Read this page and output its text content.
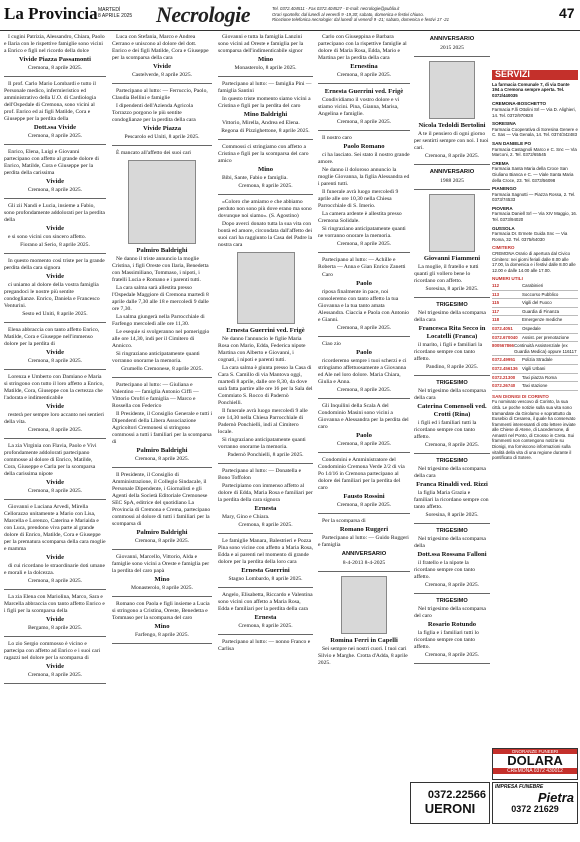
La Provincia MARTEDÌ
8 APRILE 2025 Necrologie	Tel. 0372.404511 - Fax 0372.404527 - E-mail: necrologie@publia.it
Orari sportello: dal lunedì al venerdì 9 -19,30; sabato, domenica e festivi chiuso.
Ricezione telefonica necrologie: dal lunedì al venerdì 9 -21; sabato, domenica e festivi 17 -21	47

I cugini Patrizia, Alessandro, Chiara, Paolo e Ilaria con le rispettive famiglie sono vicini a Enrico e figli nel ricordo della dolce

Vivide Piazza Passamonti
Cremona, 8 aprile 2025.

Il prof. Carlo Mario Lombardi e tutto il Personale medico, infermieristico ed amministrativo della U.O. di Cardiologia dell'Ospedale di Cremona, sono vicini al prof. Enrico ed ai figli Matilde, Cora e Giuseppe per la perdita della

Dott.ssa Vivide
Cremona, 8 aprile 2025.

Enrico, Elena, Luigi e Giovanni partecipano con affetto al grande dolore di Enrico, Matilde, Cora e Giuseppe per la perdita della carissima

Vivide
Cremona, 8 aprile 2025.

Gli zii Nandi e Lucia, insieme a Fabio, sono profondamente addolorati per la perdita della

Vivide

e si sono vicini con sincero affetto.

Fiorano al Serio, 8 aprile 2025.

In questo momento così triste per la grande perdita della cara signora

Vivide

ci uniamo al dolore della vostra famiglia pregandoci le nostre più sentite condoglianze. Enrico, Daniela e Francesco Venturini.

Sesto ed Uniti, 8 aprile 2025.

Elena abbraccia con tanto affetto Enrico, Matilde, Cora e Giuseppe nell'immenso dolore per la perdita di

Vivide
Cremona, 8 aprile 2025.

Lorenza e Umberto con Damiano e Maria si stringono con tutto il loro affetto a Enrico, Matilde, Cora, Giuseppe con la certezza che l'adorata e indimenticabile

Vivide

resterà per sempre loro accanto nei sentieri della vita.

Cremona, 8 aprile 2025.

La zia Virginia con Flavia, Paolo e Vivi profondamente addolorati partecipano commosse al dolore di Enrico, Matilde, Cora, Giuseppe e Carla per la scomparsa della carissima nipote

Vivide
Cremona, 8 aprile 2025.

Giovanni e Luciana Arvedi, Mirella Cellorazzo unitamente a Mario con Lisa, Marcella e Lorenzo, Caterina e Mariaida e con Luca, prendono viva parte al grande dolore di Enrico, Matilde, Cora e Giuseppe per la prematura scomparsa della cara moglie e mamma

Vivide

di cui ricordano le straordinarie doti umane e morali e la dolcezza.

Cremona, 8 aprile 2025.

La zia Elena con Mariolina, Marco, Sara e Marcella abbraccia con tanto affetto Enrico e i figli per la scomparsa della

Vivide
Bergamo, 8 aprile 2025.

Lo zio Sergio commosso è vicino e partecipa con affetto ad Enrico e i suoi cari ragazzi nel dolore per la scomparsa di

Vivide
Cremona, 8 aprile 2025.

Luca con Stefania, Marco e Andrea Cerrano e uniscono al dolore del dott. Enrico e dei figli Matilde, Cora e Giuseppe per la scomparsa della cara

Vivide
Castelverde, 8 aprile 2025.

Partecipano al lutto: — Ferruccio, Paolo, Claudia Bellini e famiglie

I dipendenti dell'Azienda Agricola Torrazzo porgono le più sentite condoglianze per la perdita della cara

Vivide Piazza
Pescarolo ed Uniti, 8 aprile 2025.

È mancato all'affetto dei suoi cari

Palmiro Baldrighi

Ne danno il triste annuncio la moglie Cristina, i figli Oreste con Ilaria, Benedetta con Massimiliano, Tommaso, i nipoti, i fratelli Lucia e Romano e i parenti tutti.

La cara salma sarà allestita presso l'Ospedale Maggiore di Cremona martedì 8 aprile dalle 7,30 alle 18 e mercoledì 9 dalle ore 7,30.

La salma giungerà nella Parrocchiale di Farfengo mercoledì alle ore 11,30.

Le esequie si svolgeranno nel pomeriggio alle ore 14,30, indi per il Cimitero di Annicco.

Si ringraziano anticipatamente quanti vorranno onorarne la memoria.

Grumello Cremonese, 8 aprile 2025.

Partecipano al lutto: — Giuliana e Valentino — famiglia Antonio Ciffi — Vittorio Orofri e famiglia — Marco e Rossella con Federico

Il Presidente, il Consiglio Generale e tutti i Dipendenti della Libera Associazione Agricoltori Cremonesi si stringono commossi a tutti i familiari per la scomparsa di

Palmiro Baldrighi
Cremona, 8 aprile 2025.

Il Presidente, il Consiglio di Amministrazione, il Collegio Sindacale, il Personale Dipendente, i Giornalisti e gli Agenti della Società Editoriale Cremonese SEC SpA, editrice del quotidiano La Provincia di Cremona e Crema, partecipano commossi al dolore di tutti i familiari per la scomparsa di

Palmiro Baldrighi
Cremona, 8 aprile 2025.

Giovanni, Marcello, Vittorio, Alda e famiglie sono vicini a Oreste e famiglia per la perdita del caro papà

Mino
Monasterolo, 8 aprile 2025.

Romano con Paola e figli insieme a Lucia si stringono a Cristina, Oreste, Benedetta e Tommaso per la scomparsa del caro

Mino
Farfengo, 8 aprile 2025.

Giovanni e tutta la famiglia Lanzini sono vicini ad Oreste e famiglia per la scomparsa dell'indimenticabile signor

Mino
Monasterolo, 8 aprile 2025.

Partecipano al lutto: — famiglia Pini — famiglia Santini

In questo triste momento siamo vicini a Cristina e figli per la perdita del caro

Mino Baldrighi

Vittorio, Mirella, Andrea ed Elena.

Regona di Pizzighettone, 8 aprile 2025.

Commossi ci stringiamo con affetto a Cristina e figli per la scomparsa del caro amico

Mino

Bibi, Sante, Fabio e famiglia.

Cremona, 8 aprile 2025.

«Coloro che amiamo e che abbiamo perduto non sono più dove erano ma sono dovunque noi siamo». (S. Agostino)

Dopo averci donato tutta la sua vita con bontà ed amore, circondata dall'affetto dei suoi cari ha raggiunto la Casa del Padre la nostra cara

Ernesta Guerrini ved. Frigè

Ne danno l'annuncio le figlie Maria Rosa con Mario, Edda, Federica nipote Martina con Alberto e Giovanni, i cognati, i nipoti e parenti tutti.

La cara salma è giunta presso la Casa di Cara S. Camillo di via Mantova oggi, martedì 8 aprile, dalle ore 8,30, da dove sarà fatta partire alle ore 16 per la Sala del Commiato S. Rocco di Padernò Ponchielli.

Il funerale avrà luogo mercoledì 9 alle ore 14,30 nella Chiesa Parrocchiale di Padernò Ponchielli, indi al Cimitero locale.

Si ringraziano anticipatamente quanti vorranno onorarne la memoria.

Padernò Ponchielli, 8 aprile 2025.

Partecipano al lutto: — Donatella e Bono Toffolon

Partecipiamo con immenso affetto al dolore di Edda, Maria Rosa e familiari per la perdita della cara signora

Ernesta

Mary, Gino e Chiara.

Cremona, 8 aprile 2025.

Le famiglie Manara, Balestrieri e Pozza Pina sono vicine con affetto a Maria Rosa, Edda e ai parenti nel momento di grande dolore per la perdita della loro cara

Ernesta Guerrini
Stagno Lombardo, 8 aprile 2025.

Angelo, Elisabetta, Riccardo e Valentina sono vicini con affetto a Maria Rosa, Edda e familiari per la perdita della cara

Ernesta
Cremona, 8 aprile 2025.

Partecipano al lutto: — nonno Franco e Carlisa

Carlo con Giuseppina e Barbara partecipano con la rispettive famiglie al dolore di Maria Rosa, Edda, Mario e Martina per la perdita della cara

Ernestina
Cremona, 8 aprile 2025.
Ernesta Guerrini ved. Frigè

Condividiamo il vostro dolore e vi stiamo vicini. Pina, Gianna, Marisa, Angelina e famiglie.

Cremona, 8 aprile 2025.

Il nostro caro

Paolo Romano

ci ha lasciato. Sei stato il nostro grande amore.

Ne danno il doloroso annuncio la moglie Giovanna, la figlia Alessandra ed i parenti tutti.

Il funerale avrà luogo mercoledì 9 aprile alle ore 10,30 nella Chiesa Parrocchiale di S. Imerio.

La camera ardente è allestita presso Cremona Solidale.

Si ringraziano anticipatamente quanti ne vorranno onorare la memoria.

Cremona, 8 aprile 2025.

Partecipano al lutto: — Achille e Roberta — Anna e Gian Enrico Zanetti

Caro

Paolo

riposa finalmente in pace, noi consoleremo con tanto affetto la tua Giovanna e la tua tanto amata Alessandra. Ciaccia e Paola con Antonio e Gianni.

Cremona, 8 aprile 2025.

Ciao zio

Paolo

ricorderemo sempre i tuoi scherzi e ci stringiamo affettuosamente a Giovanna ed Ale nel loro dolore. Maria Chiara, Giulia e Anna.

Cremona, 8 aprile 2025.

Gli Inquilini della Scala A del Condominio Masini sono vicini a Giovanna e Alessandra per la perdita del caro

Paolo
Cremona, 8 aprile 2025.

Condomini e Amministratore del Condominio Cremona Verde 2/2 di via Po 14/16 in Cremona partecipano al dolore dei familiari per la perdita del caro

Fausto Rossini
Cremona, 8 aprile 2025.

Per la scomparsa di

Romano Ruggeri

Partecipano al lutto: — Guido Ruggeri e famiglia

ANNIVERSARIO
8-4-2013 8-4-2025
Romina Ferri in Capelli

Sei sempre nei nostri cuori. I tuoi cari Silvio e Marghe. Crotta d'Adda, 8 aprile 2025.

ANNIVERSARIO
2015 2025
Nicola Tedoldi Bertolini

A te il pensiero di ogni giorno per sentirti sempre con noi. I tuoi cari.

Cremona, 8 aprile 2025.
ANNIVERSARIO
1988 2025
Giovanni Fiammeni

La moglie, il fratello e tutti quanti gli vollero bene lo ricordano con affetto.

Soresina, 8 aprile 2025.
TRIGESIMO

Nel trigesimo della scomparsa della cara

Francesca Rita Secco in Locatelli (Franca)

il marito, i figli e familiari la ricordano sempre con tanto affetto.

Pandino, 8 aprile 2025.
TRIGESIMO

Nel trigesimo della scomparsa della cara

Caterina Comensoli ved. Crotti (Rina)

i figli ed i familiari tutti la ricordano sempre con tanto affetto.

Cremona, 8 aprile 2025.
TRIGESIMO

Nel trigesimo della scomparsa della cara

Franca Rinaldi ved. Rizzi

la figlia Maria Grazia e familiari la ricordano sempre con tanto affetto.

Soresina, 8 aprile 2025.
TRIGESIMO

Nel trigesimo della scomparsa della

Dott.ssa Rossana Falloni

il fratello e la nipote la ricordano sempre con tanto affetto.

Cremona, 8 aprile 2025.
TRIGESIMO

Nel trigesimo della scomparsa del caro

Rosario Rotundo

la figlia e i familiari tutti lo ricordano sempre con tanto affetto.

Cremona, 8 aprile 2025.
SERVIZI
La farmacia Comunale 7, di via Dante 194 a Cremona sempre aperta. Tel. 0372/440035
CREMONA-BOSCHETTO
Farmacia F.lli Ottolini Srl — Via D. Alighieri, 14. Tel. 0372/970828
SORESINA
Farmacia Cooperativa di Soresina Genere e C. Sas — Via Genala, 14. Tel. 0374/342483
SAN DANIELE PO
Farmacia Castagnoli Marco e C. Snc — Via Marconi, 2. Tel. 0372/65545
CREMA
Farmacia Santa Maria della Croce San Giuliano Bianca e C. — Viale Santa Maria della Croce, 23. Tel. 0373/56098
PIANENGO
Farmacia Sagnotti — Piazza Rossa, 2. Tel. 0373/74533
PIOVERA
Farmacia Daniell Srl — Via XIV Maggio, 16. Tel. 0373/94020
GUSSOLA
Farmacia Dr. Ermete Guida Snc — Via Roma, 32. Tel. 0375/64030
CIMITERO
CREMONA Orario di apertura dal Civico Cimitero: nei giorni feriali dalle 8.00 alle 17.00, la domenica e i festivi dalle 8.00 alle 12.00 e dalle 14.00 alle 17.00.
NUMERI UTILI
112	Carabinieri
113	Soccorso Pubblico
115	Vigili del Fuoco
117	Guardia di Finanza
118	Emergenze mediche
0372.4051	Ospedale
0372.670040 Assist. per prenotazione
800567866 Continuità Assistenziale (ex Guardia Medica) oppure 116117
0372.49951	Polizia Stradale
0372.456136 Vigili Urbani
0372.21300	Taxi piazza Roma
0372.26740	Taxi stazione
SAN DIONIGI DI CORINTO
Fu nominato vescovo di Corinto, la sua città. Le poche notizie sulla sua vita sono tramandate da Girolamo e soprattutto da Eusebio di Cesarea, il quale ha conservato frammenti interessanti di otto lettere inviate alle Chiese di Atene, di Lacedemone, di Amastri nel Ponto, di Cnosso in Creta. Sui frammenti non contengono notizie su Dionigi, ma forniscono informazioni sulla vitalità della vita di una regione durante il pontificato di Sotere.
ONORANZE FUNEBRI
DOLARA
CREMONA 0372 430012
0372.22566
UERONI
IMPRESA FUNEBRE
Pietra
0372 21629
